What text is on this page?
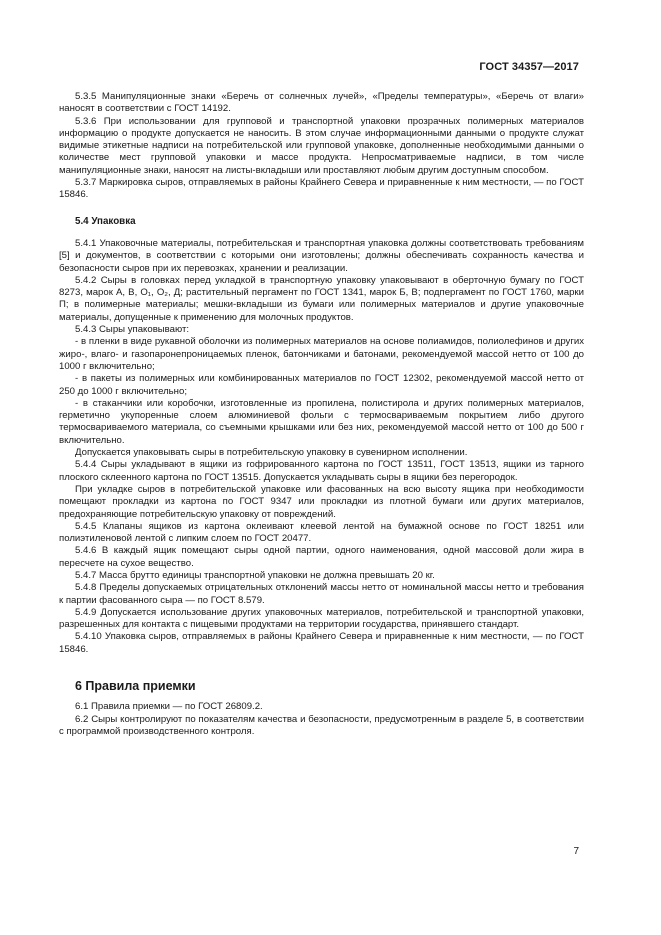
ГОСТ 34357—2017

5.3.5 Манипуляционные знаки «Беречь от солнечных лучей», «Пределы температуры», «Беречь от влаги» наносят в соответствии с ГОСТ 14192.

5.3.6 При использовании для групповой и транспортной упаковки прозрачных полимерных материалов информацию о продукте допускается не наносить. В этом случае информационными данными о продукте служат видимые этикетные надписи на потребительской или групповой упаковке, дополненные необходимыми данными о количестве мест групповой упаковки и массе продукта. Непросматриваемые надписи, в том числе манипуляционные знаки, наносят на листы-вкладыши или проставляют любым другим доступным способом.

5.3.7 Маркировка сыров, отправляемых в районы Крайнего Севера и приравненные к ним местности, — по ГОСТ 15846.

5.4 Упаковка

5.4.1 Упаковочные материалы, потребительская и транспортная упаковка должны соответствовать требованиям [5] и документов, в соответствии с которыми они изготовлены; должны обеспечивать сохранность качества и безопасности сыров при их перевозках, хранении и реализации.

5.4.2 Сыры в головках перед укладкой в транспортную упаковку упаковывают в оберточную бумагу по ГОСТ 8273, марок А, В, О₁, О₂, Д; растительный пергамент по ГОСТ 1341, марок Б, В; подпергамент по ГОСТ 1760, марки П; в полимерные материалы; мешки-вкладыши из бумаги или полимерных материалов и другие упаковочные материалы, допущенные к применению для молочных продуктов.

5.4.3 Сыры упаковывают:

- в пленки в виде рукавной оболочки из полимерных материалов на основе полиамидов, полиолефинов и других жиро-, влаго- и газопаронепроницаемых пленок, батончиками и батонами, рекомендуемой массой нетто от 100 до 1000 г включительно;

- в пакеты из полимерных или комбинированных материалов по ГОСТ 12302, рекомендуемой массой нетто от 250 до 1000 г включительно;

- в стаканчики или коробочки, изготовленные из пропилена, полистирола и других полимерных материалов, герметично укупоренные слоем алюминиевой фольги с термосвариваемым покрытием либо другого термосвариваемого материала, со съемными крышками или без них, рекомендуемой массой нетто от 100 до 500 г включительно.

Допускается упаковывать сыры в потребительскую упаковку в сувенирном исполнении.

5.4.4 Сыры укладывают в ящики из гофрированного картона по ГОСТ 13511, ГОСТ 13513, ящики из тарного плоского склеенного картона по ГОСТ 13515. Допускается укладывать сыры в ящики без перегородок.

При укладке сыров в потребительской упаковке или фасованных на всю высоту ящика при необходимости помещают прокладки из картона по ГОСТ 9347 или прокладки из плотной бумаги или других материалов, предохраняющие потребительскую упаковку от повреждений.

5.4.5 Клапаны ящиков из картона оклеивают клеевой лентой на бумажной основе по ГОСТ 18251 или полиэтиленовой лентой с липким слоем по ГОСТ 20477.

5.4.6 В каждый ящик помещают сыры одной партии, одного наименования, одной массовой доли жира в пересчете на сухое вещество.

5.4.7 Масса брутто единицы транспортной упаковки не должна превышать 20 кг.

5.4.8 Пределы допускаемых отрицательных отклонений массы нетто от номинальной массы нетто и требования к партии фасованного сыра — по ГОСТ 8.579.

5.4.9 Допускается использование других упаковочных материалов, потребительской и транспортной упаковки, разрешенных для контакта с пищевыми продуктами на территории государства, принявшего стандарт.

5.4.10 Упаковка сыров, отправляемых в районы Крайнего Севера и приравненные к ним местности, — по ГОСТ 15846.

6 Правила приемки

6.1 Правила приемки — по ГОСТ 26809.2.

6.2 Сыры контролируют по показателям качества и безопасности, предусмотренным в разделе 5, в соответствии с программой производственного контроля.

7
